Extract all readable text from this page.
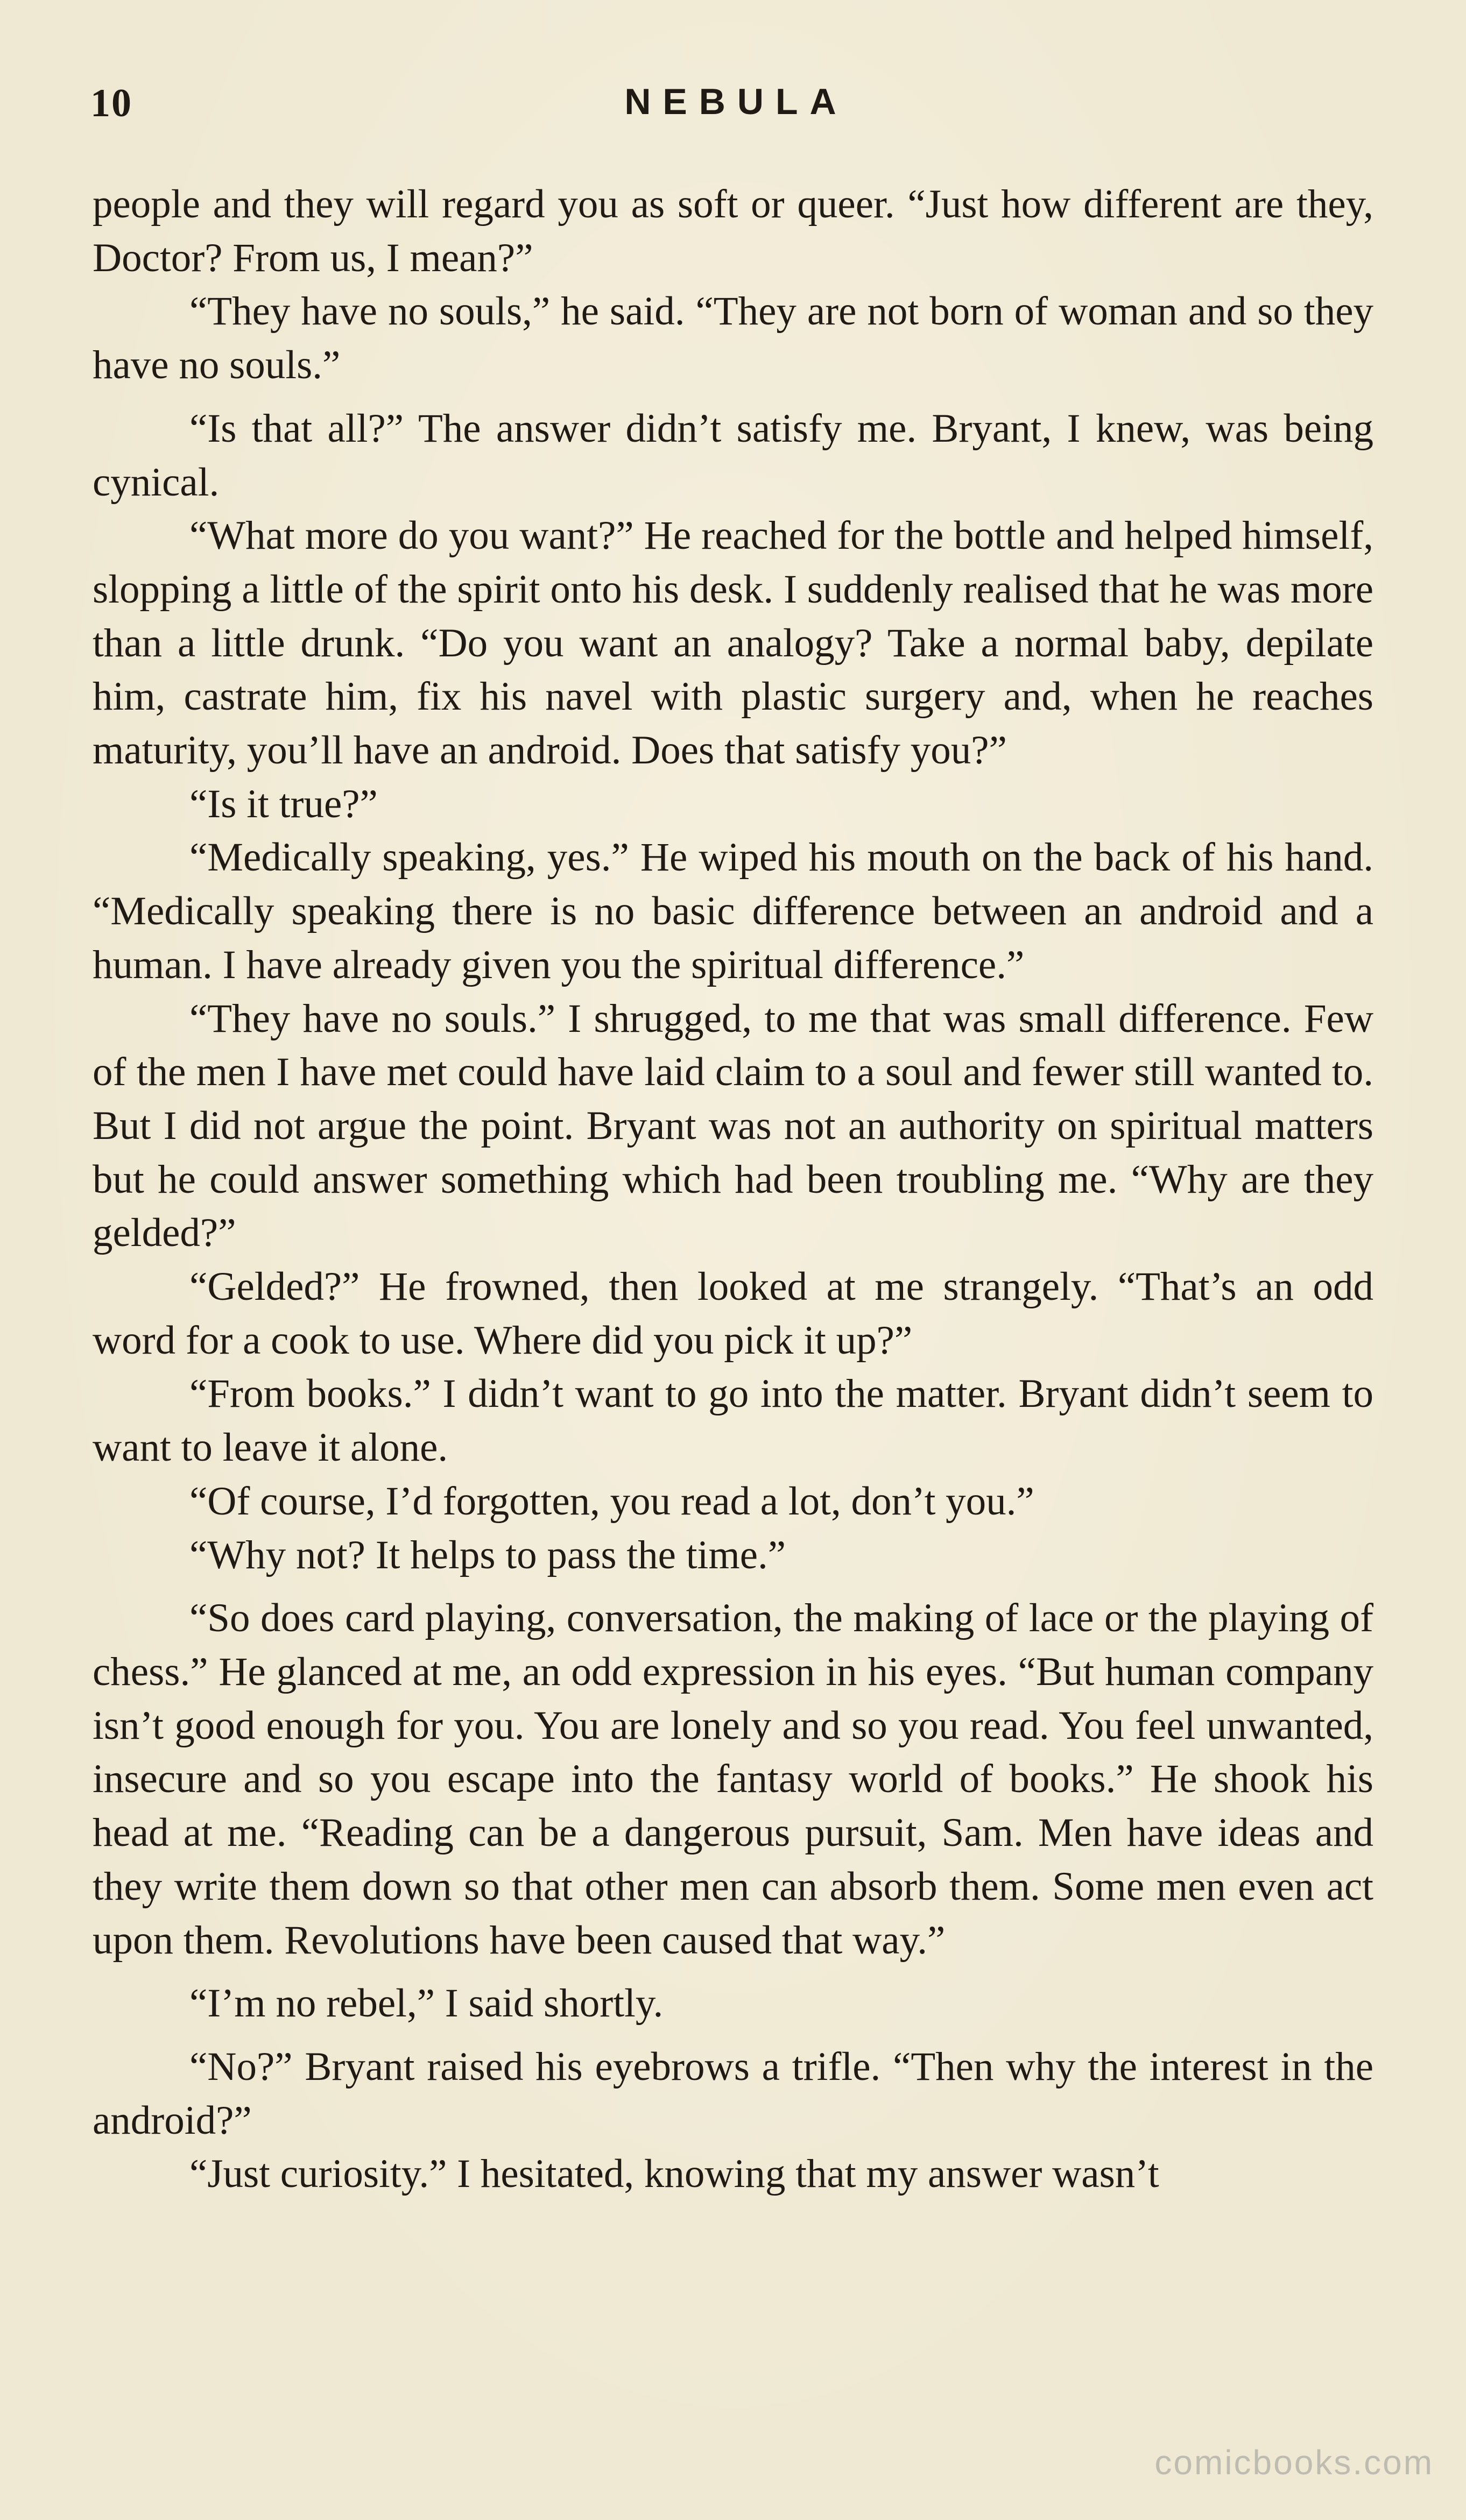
10	NEBULA

people and they will regard you as soft or queer. “Just how different are they, Doctor? From us, I mean?”

“They have no souls,” he said. “They are not born of woman and so they have no souls.”

“Is that all?” The answer didn’t satisfy me. Bryant, I knew, was being cynical.

“What more do you want?” He reached for the bottle and helped himself, slopping a little of the spirit onto his desk. I suddenly realised that he was more than a little drunk. “Do you want an analogy? Take a normal baby, depilate him, castrate him, fix his navel with plastic surgery and, when he reaches maturity, you’ll have an android. Does that satisfy you?”

“Is it true?”

“Medically speaking, yes.” He wiped his mouth on the back of his hand. “Medically speaking there is no basic difference between an android and a human. I have already given you the spiritual difference.”

“They have no souls.” I shrugged, to me that was small difference. Few of the men I have met could have laid claim to a soul and fewer still wanted to. But I did not argue the point. Bryant was not an authority on spiritual matters but he could answer something which had been troubling me. “Why are they gelded?”

“Gelded?” He frowned, then looked at me strangely. “That’s an odd word for a cook to use. Where did you pick it up?”

“From books.” I didn’t want to go into the matter. Bryant didn’t seem to want to leave it alone.

“Of course, I’d forgotten, you read a lot, don’t you.”

“Why not? It helps to pass the time.”

“So does card playing, conversation, the making of lace or the playing of chess.” He glanced at me, an odd expression in his eyes. “But human company isn’t good enough for you. You are lonely and so you read. You feel unwanted, insecure and so you escape into the fantasy world of books.” He shook his head at me. “Reading can be a dangerous pursuit, Sam. Men have ideas and they write them down so that other men can absorb them. Some men even act upon them. Revolutions have been caused that way.”

“I’m no rebel,” I said shortly.

“No?” Bryant raised his eyebrows a trifle. “Then why the interest in the android?”

“Just curiosity.” I hesitated, knowing that my answer wasn’t

comicbooks.com
